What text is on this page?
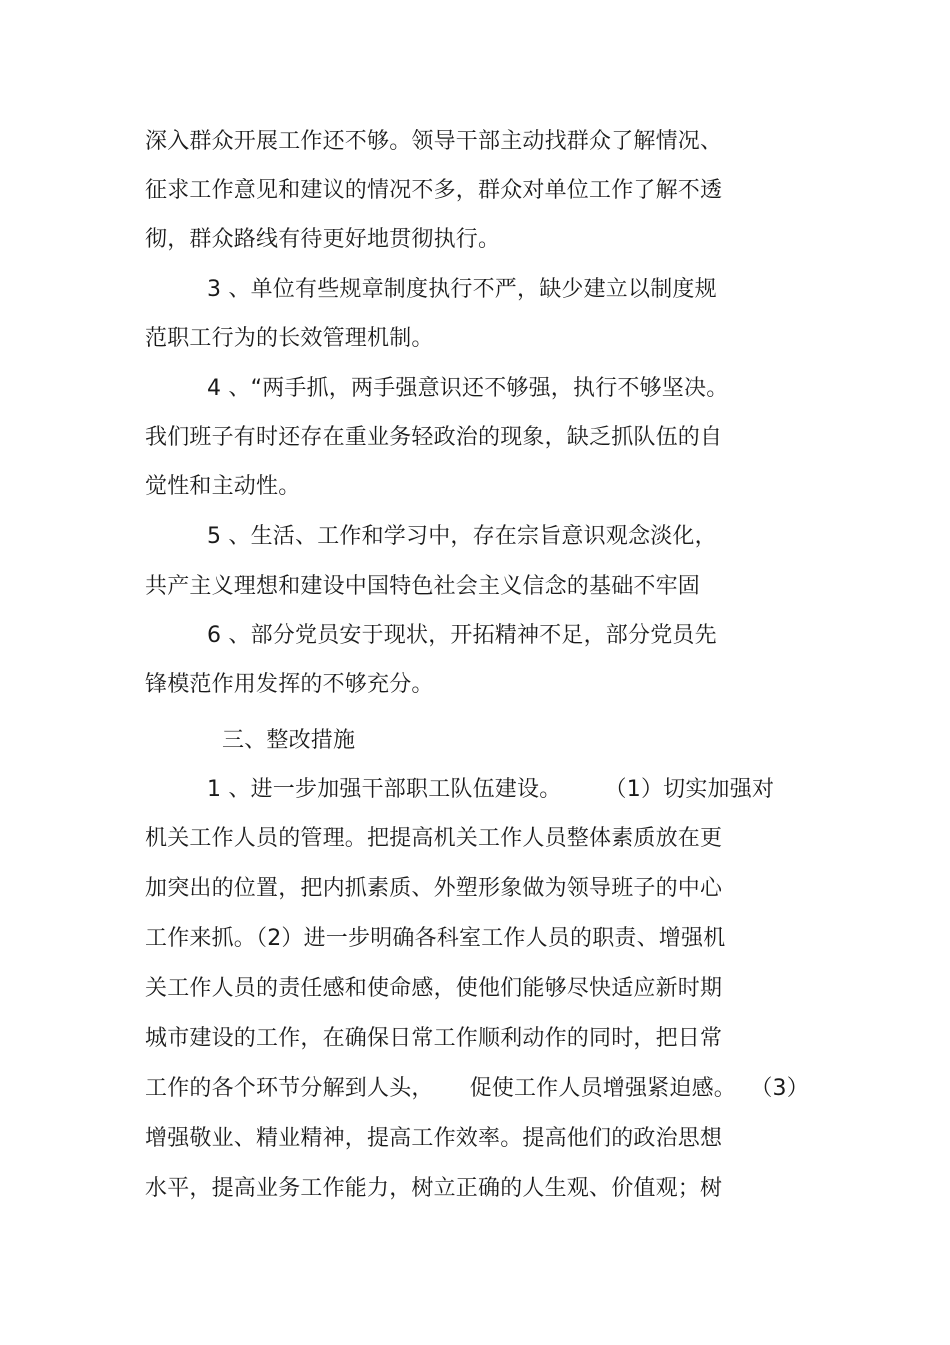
深入群众开展工作还不够。领导干部主动找群众了解情况、
征求工作意见和建议的情况不多，群众对单位工作了解不透
彻，群众路线有待更好地贯彻执行。
3 、单位有些规章制度执行不严，缺少建立以制度规
范职工行为的长效管理机制。
4 、“两手抓，两手强意识还不够强，执行不够坚决。
我们班子有时还存在重业务轻政治的现象，缺乏抓队伍的自
觉性和主动性。
5 、生活、工作和学习中，存在宗旨意识观念淡化，
共产主义理想和建设中国特色社会主义信念的基础不牢固
6 、部分党员安于现状，开拓精神不足，部分党员先
锋模范作用发挥的不够充分。
三、整改措施
1 、进一步加强干部职工队伍建设。      （1）切实加强对
机关工作人员的管理。把提高机关工作人员整体素质放在更
加突出的位置，把内抓素质、外塑形象做为领导班子的中心
工作来抓。（2）进一步明确各科室工作人员的职责、增强机
关工作人员的责任感和使命感，使他们能够尽快适应新时期
城市建设的工作，在确保日常工作顺利动作的同时，把日常
工作的各个环节分解到人头，     促使工作人员增强紧迫感。  （3）
增强敬业、精业精神，提高工作效率。提高他们的政治思想
水平，提高业务工作能力，树立正确的人生观、价值观；树
